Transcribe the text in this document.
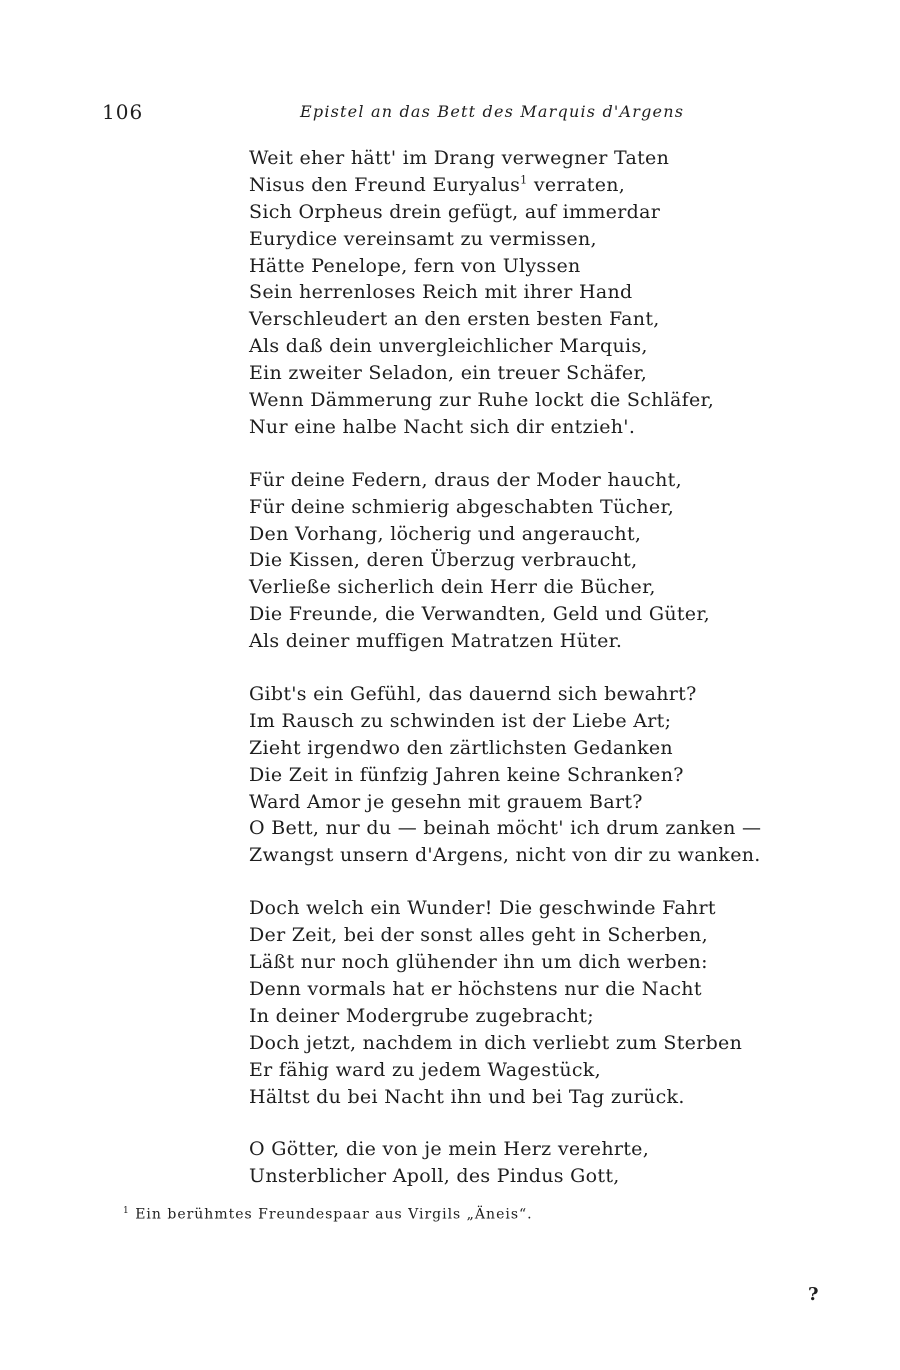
106	Epistel an das Bett des Marquis d'Argens
Weit eher hätt' im Drang verwegner Taten
Nisus den Freund Euryalus$^1$ verraten,
Sich Orpheus drein gefügt, auf immerdar
Eurydice vereinsamt zu vermissen,
Hätte Penelope, fern von Ulyssen
Sein herrenloses Reich mit ihrer Hand
Verschleudert an den ersten besten Fant,
Als daß dein unvergleichlicher Marquis,
Ein zweiter Seladon, ein treuer Schäfer,
Wenn Dämmerung zur Ruhe lockt die Schläfer,
Nur eine halbe Nacht sich dir entzieh'.
Für deine Federn, draus der Moder haucht,
Für deine schmierig abgeschabten Tücher,
Den Vorhang, löcherig und angeraucht,
Die Kissen, deren Überzug verbraucht,
Verließe sicherlich dein Herr die Bücher,
Die Freunde, die Verwandten, Geld und Güter,
Als deiner muffigen Matratzen Hüter.
Gibt's ein Gefühl, das dauernd sich bewahrt?
Im Rausch zu schwinden ist der Liebe Art;
Zieht irgendwo den zärtlichsten Gedanken
Die Zeit in fünfzig Jahren keine Schranken?
Ward Amor je gesehn mit grauem Bart?
O Bett, nur du — beinah möcht' ich drum zanken —
Zwangst unsern d'Argens, nicht von dir zu wanken.
Doch welch ein Wunder! Die geschwinde Fahrt
Der Zeit, bei der sonst alles geht in Scherben,
Läßt nur noch glühender ihn um dich werben:
Denn vormals hat er höchstens nur die Nacht
In deiner Modergrube zugebracht;
Doch jetzt, nachdem in dich verliebt zum Sterben
Er fähig ward zu jedem Wagestück,
Hältst du bei Nacht ihn und bei Tag zurück.
O Götter, die von je mein Herz verehrte,
Unsterblicher Apoll, des Pindus Gott,
$^1$ Ein berühmtes Freundespaar aus Virgils „Äneis“.
?
